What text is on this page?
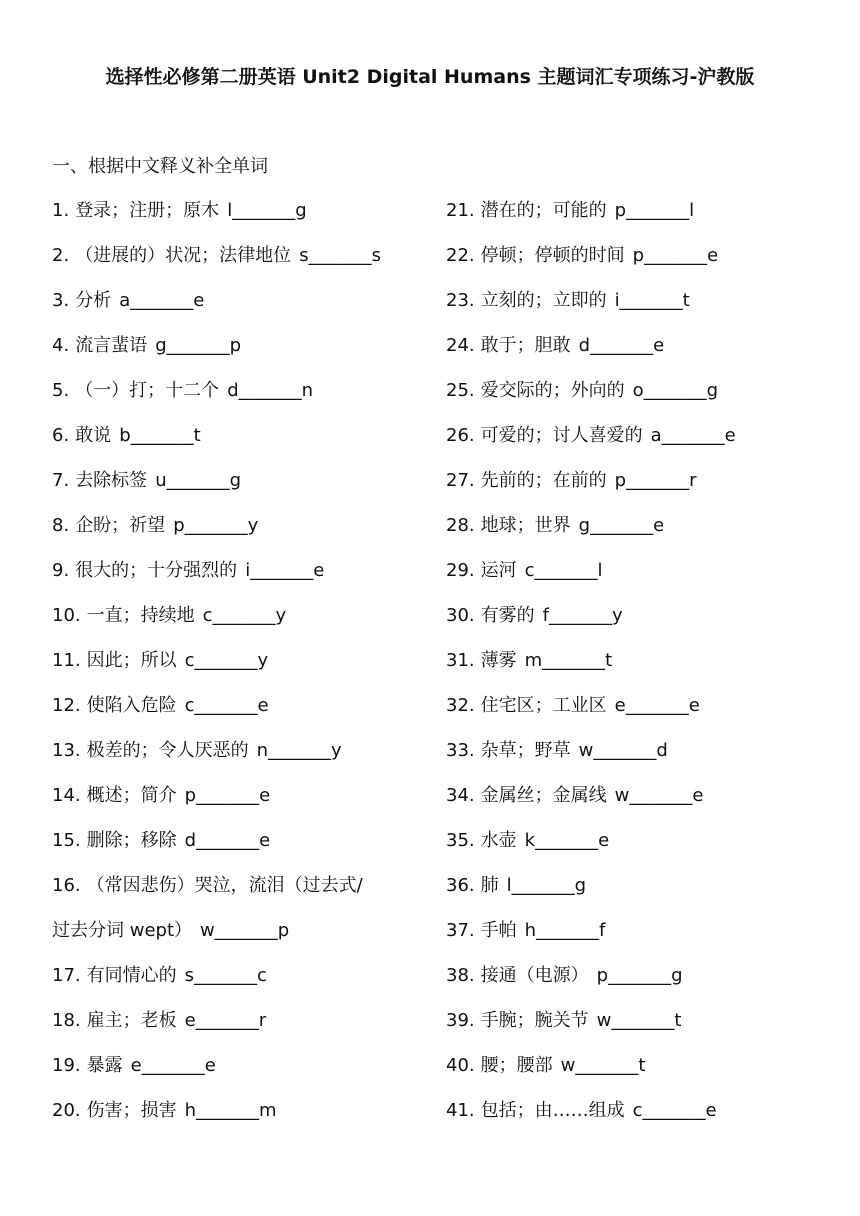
选择性必修第二册英语 Unit2 Digital Humans 主题词汇专项练习-沪教版
一、根据中文释义补全单词
1. 登录；注册；原木 l_______g
2. （进展的）状况；法律地位 s_______s
3. 分析 a_______e
4. 流言蜚语 g_______p
5. （一）打；十二个 d_______n
6. 敢说 b_______t
7. 去除标签 u_______g
8. 企盼；祈望 p_______y
9. 很大的；十分强烈的 i_______e
10. 一直；持续地 c_______y
11. 因此；所以 c_______y
12. 使陷入危险 c_______e
13. 极差的；令人厌恶的 n_______y
14. 概述；简介 p_______e
15. 删除；移除 d_______e
16. （常因悲伤）哭泣，流泪（过去式/
过去分词 wept） w_______p
17. 有同情心的 s_______c
18. 雇主；老板 e_______r
19. 暴露 e_______e
20. 伤害；损害 h_______m
21. 潜在的；可能的 p_______l
22. 停顿；停顿的时间 p_______e
23. 立刻的；立即的 i_______t
24. 敢于；胆敢 d_______e
25. 爱交际的；外向的 o_______g
26. 可爱的；讨人喜爱的 a_______e
27. 先前的；在前的 p_______r
28. 地球；世界 g_______e
29. 运河 c_______l
30. 有雾的 f_______y
31. 薄雾 m_______t
32. 住宅区；工业区 e_______e
33. 杂草；野草 w_______d
34. 金属丝；金属线 w_______e
35. 水壶 k_______e
36. 肺 l_______g
37. 手帕 h_______f
38. 接通（电源） p_______g
39. 手腕；腕关节 w_______t
40. 腰；腰部 w_______t
41. 包括；由……组成 c_______e
